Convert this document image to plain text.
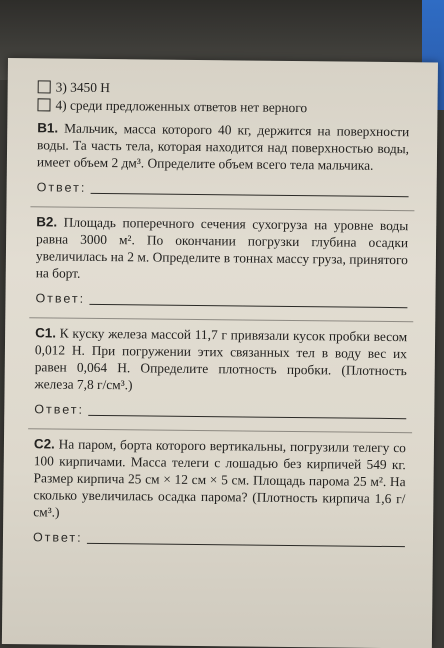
3) 3450 Н
4) среди предложенных ответов нет верного
В1. Мальчик, масса которого 40 кг, держится на поверхности воды. Та часть тела, которая находится над поверхностью воды, имеет объем 2 дм³. Определите объем всего тела мальчика.
Ответ:
В2. Площадь поперечного сечения сухогруза на уровне воды равна 3000 м². По окончании погрузки глубина осадки увеличилась на 2 м. Определите в тоннах массу груза, принятого на борт.
Ответ:
С1. К куску железа массой 11,7 г привязали кусок пробки весом 0,012 Н. При погружении этих связанных тел в воду вес их равен 0,064 Н. Определите плотность пробки. (Плотность железа 7,8 г/см³.)
Ответ:
С2. На паром, борта которого вертикальны, погрузили телегу со 100 кирпичами. Масса телеги с лошадью без кирпичей 549 кг. Размер кирпича 25 см × 12 см × 5 см. Площадь парома 25 м². На сколько увеличилась осадка парома? (Плотность кирпича 1,6 г/см³.)
Ответ:
